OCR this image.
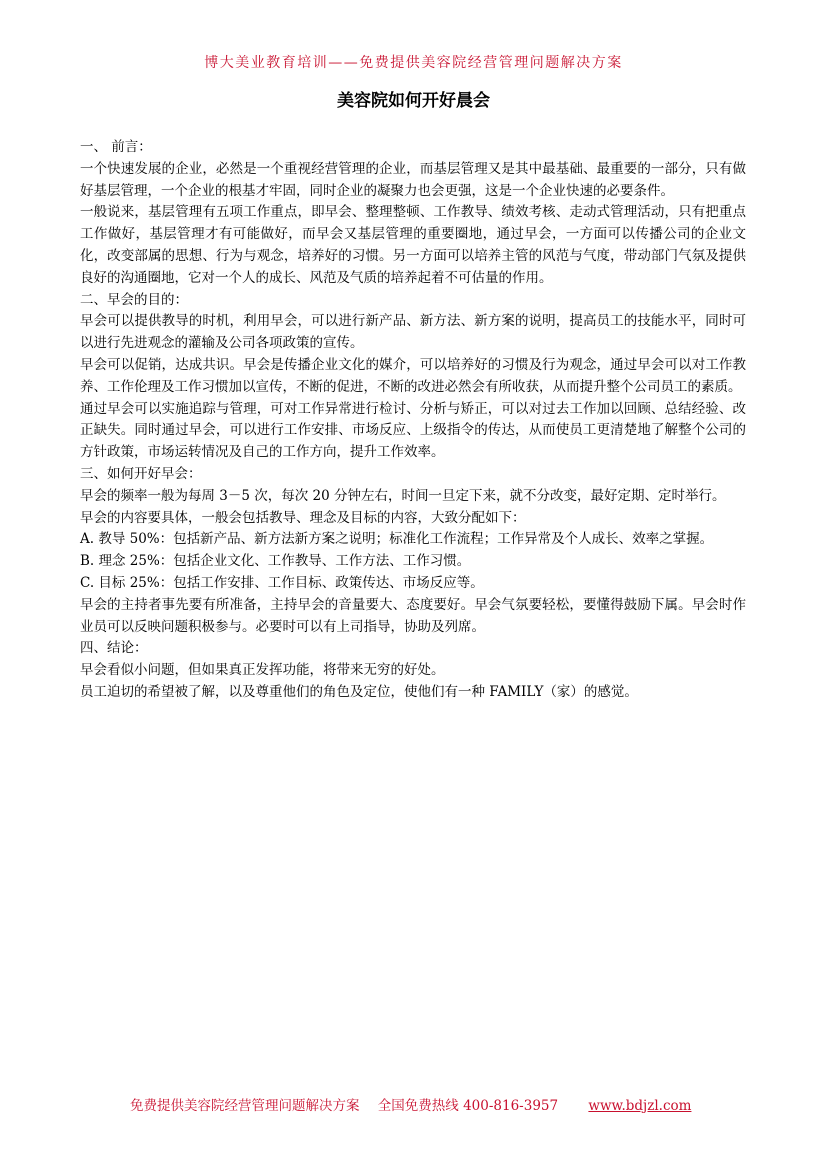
博大美业教育培训——免费提供美容院经营管理问题解决方案
美容院如何开好晨会

一、 前言：

一个快速发展的企业，必然是一个重视经营管理的企业，而基层管理又是其中最基础、最重要的一部分，只有做好基层管理，一个企业的根基才牢固，同时企业的凝聚力也会更强，这是一个企业快速的必要条件。

一般说来，基层管理有五项工作重点，即早会、整理整顿、工作教导、绩效考核、走动式管理活动，只有把重点工作做好，基层管理才有可能做好，而早会又基层管理的重要圈地，通过早会，一方面可以传播公司的企业文化，改变部属的思想、行为与观念，培养好的习惯。另一方面可以培养主管的风范与气度，带动部门气氛及提供良好的沟通圈地，它对一个人的成长、风范及气质的培养起着不可估量的作用。

二、早会的目的：

早会可以提供教导的时机，利用早会，可以进行新产品、新方法、新方案的说明，提高员工的技能水平，同时可以进行先进观念的灌输及公司各项政策的宣传。

早会可以促销，达成共识。早会是传播企业文化的媒介，可以培养好的习惯及行为观念，通过早会可以对工作教养、工作伦理及工作习惯加以宣传，不断的促进，不断的改进必然会有所收获，从而提升整个公司员工的素质。

通过早会可以实施追踪与管理，可对工作异常进行检讨、分析与矫正，可以对过去工作加以回顾、总结经验、改正缺失。同时通过早会，可以进行工作安排、市场反应、上级指令的传达，从而使员工更清楚地了解整个公司的方针政策，市场运转情况及自己的工作方向，提升工作效率。

三、如何开好早会：

早会的频率一般为每周 3－5 次，每次 20 分钟左右，时间一旦定下来，就不分改变，最好定期、定时举行。

早会的内容要具体，一般会包括教导、理念及目标的内容，大致分配如下：

A. 教导 50%：包括新产品、新方法新方案之说明；标准化工作流程；工作异常及个人成长、效率之掌握。

B. 理念 25%：包括企业文化、工作教导、工作方法、工作习惯。

C. 目标 25%：包括工作安排、工作目标、政策传达、市场反应等。

早会的主持者事先要有所准备，主持早会的音量要大、态度要好。早会气氛要轻松，要懂得鼓励下属。早会时作业员可以反映问题积极参与。必要时可以有上司指导，协助及列席。

四、结论：

早会看似小问题，但如果真正发挥功能，将带来无穷的好处。

员工迫切的希望被了解，以及尊重他们的角色及定位，使他们有一种 FAMILY（家）的感觉。

免费提供美容院经营管理问题解决方案 全国免费热线 400-816-3957 www.bdjzl.com
